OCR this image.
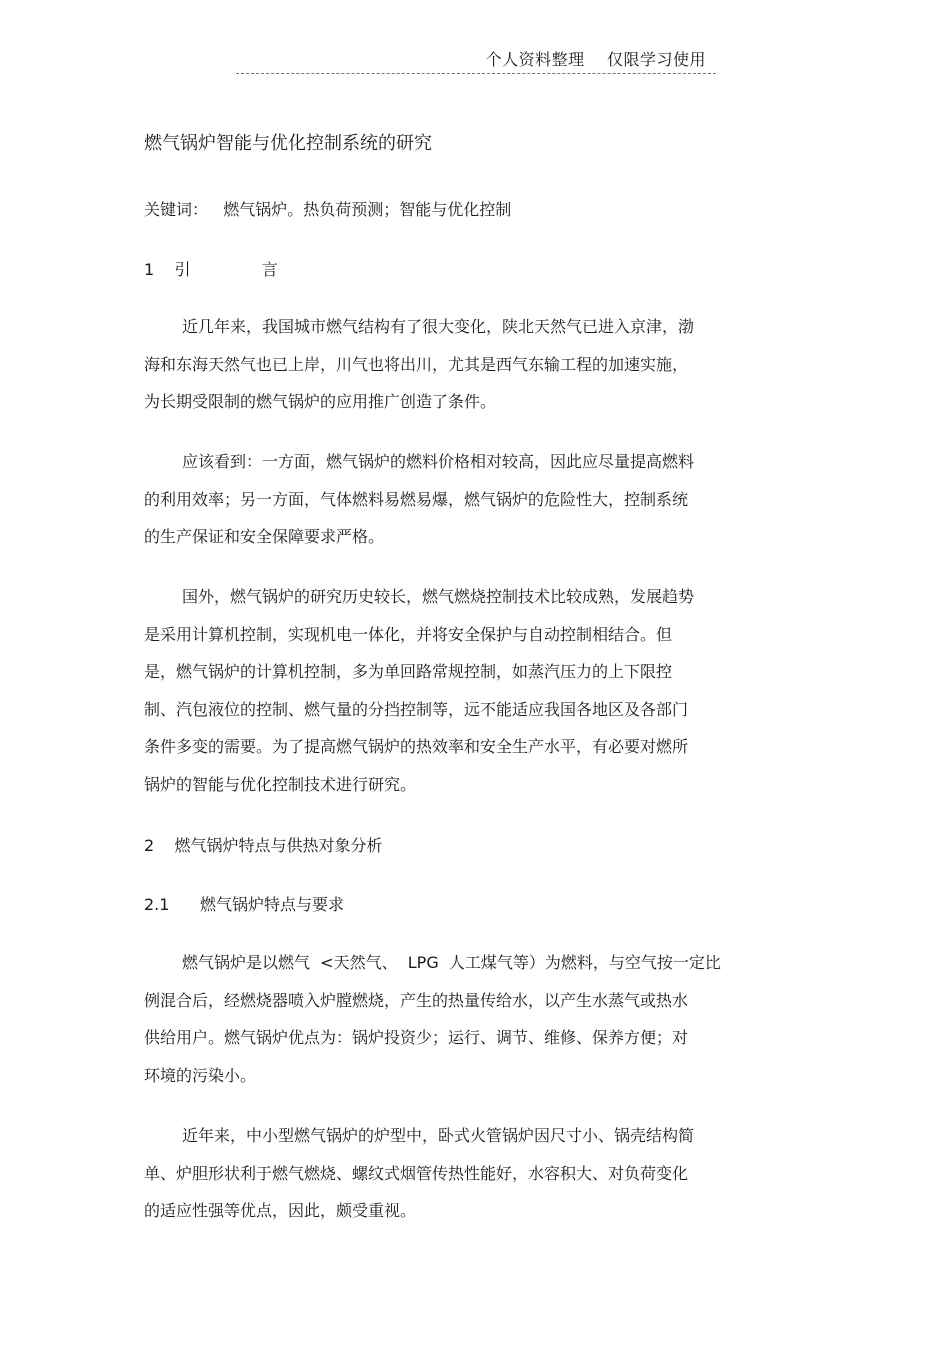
个人资料整理    仅限学习使用
燃气锅炉智能与优化控制系统的研究
关键词：   燃气锅炉。热负荷预测；智能与优化控制
1    引              言
近几年来，我国城市燃气结构有了很大变化，陕北天然气已进入京津，渤
海和东海天然气也已上岸，川气也将出川，尤其是西气东输工程的加速实施，
为长期受限制的燃气锅炉的应用推广创造了条件。
应该看到：一方面，燃气锅炉的燃料价格相对较高，因此应尽量提高燃料
的利用效率；另一方面，气体燃料易燃易爆，燃气锅炉的危险性大，控制系统
的生产保证和安全保障要求严格。
国外，燃气锅炉的研究历史较长，燃气燃烧控制技术比较成熟，发展趋势
是采用计算机控制，实现机电一体化，并将安全保护与自动控制相结合。但
是，燃气锅炉的计算机控制，多为单回路常规控制，如蒸汽压力的上下限控
制、汽包液位的控制、燃气量的分挡控制等，远不能适应我国各地区及各部门
条件多变的需要。为了提高燃气锅炉的热效率和安全生产水平，有必要对燃所
锅炉的智能与优化控制技术进行研究。
2    燃气锅炉特点与供热对象分析
2.1      燃气锅炉特点与要求
燃气锅炉是以燃气  <天然气、  LPG  人工煤气等）为燃料，与空气按一定比
例混合后，经燃烧器喷入炉膛燃烧，产生的热量传给水，以产生水蒸气或热水
供给用户。燃气锅炉优点为：锅炉投资少；运行、调节、维修、保养方便；对
环境的污染小。
近年来，中小型燃气锅炉的炉型中，卧式火管锅炉因尺寸小、锅壳结构简
单、炉胆形状利于燃气燃烧、螺纹式烟管传热性能好，水容积大、对负荷变化
的适应性强等优点，因此，颇受重视。
